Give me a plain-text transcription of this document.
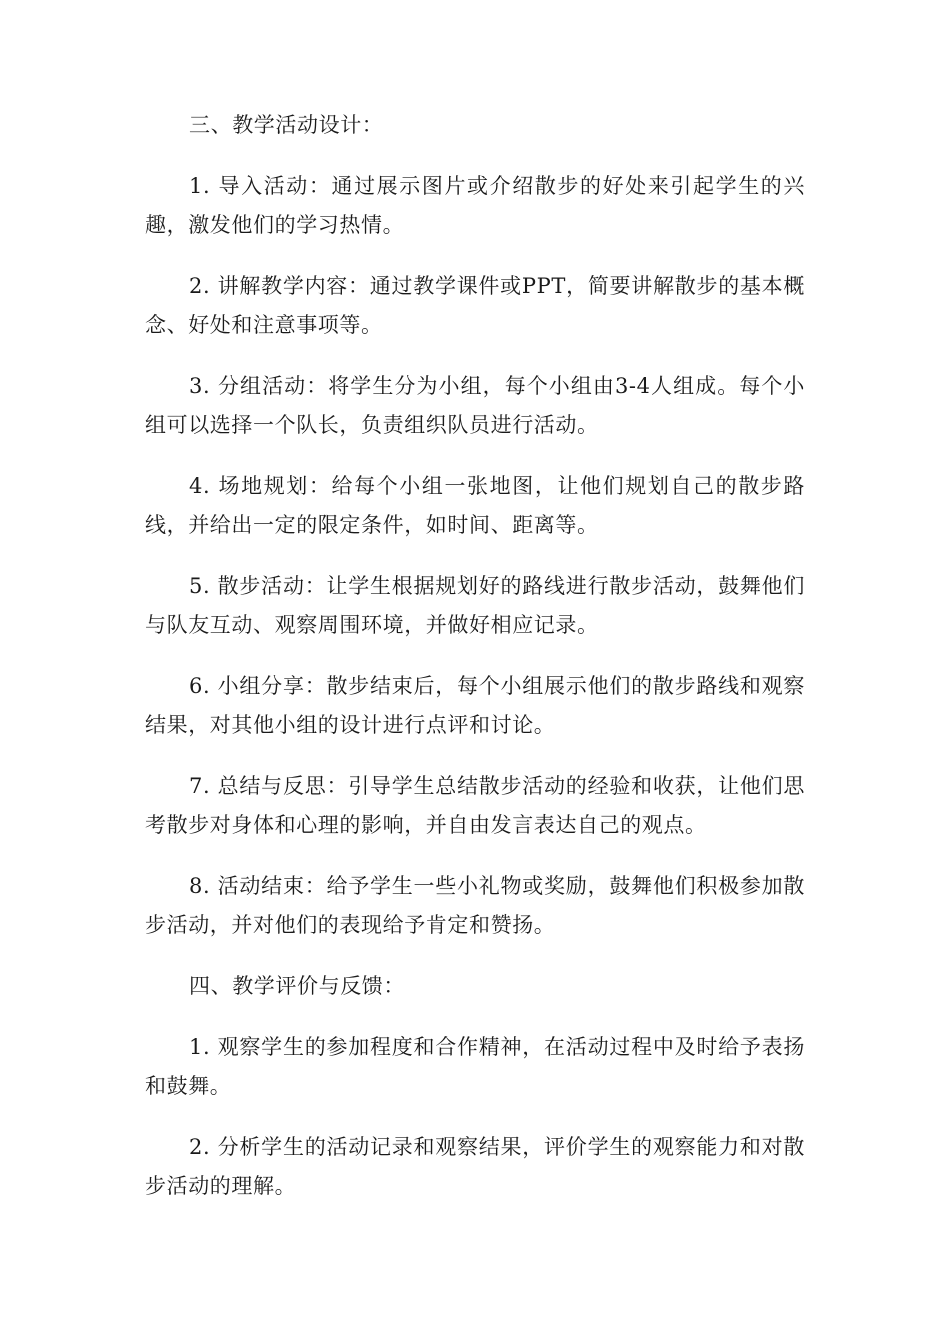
三、教学活动设计：

1. 导入活动：通过展示图片或介绍散步的好处来引起学生的兴趣，激发他们的学习热情。

2. 讲解教学内容：通过教学课件或PPT，简要讲解散步的基本概念、好处和注意事项等。

3. 分组活动：将学生分为小组，每个小组由3-4人组成。每个小组可以选择一个队长，负责组织队员进行活动。

4. 场地规划：给每个小组一张地图，让他们规划自己的散步路线，并给出一定的限定条件，如时间、距离等。

5. 散步活动：让学生根据规划好的路线进行散步活动，鼓舞他们与队友互动、观察周围环境，并做好相应记录。

6. 小组分享：散步结束后，每个小组展示他们的散步路线和观察结果，对其他小组的设计进行点评和讨论。

7. 总结与反思：引导学生总结散步活动的经验和收获，让他们思考散步对身体和心理的影响，并自由发言表达自己的观点。

8. 活动结束：给予学生一些小礼物或奖励，鼓舞他们积极参加散步活动，并对他们的表现给予肯定和赞扬。

四、教学评价与反馈：

1. 观察学生的参加程度和合作精神，在活动过程中及时给予表扬和鼓舞。

2. 分析学生的活动记录和观察结果，评价学生的观察能力和对散步活动的理解。
